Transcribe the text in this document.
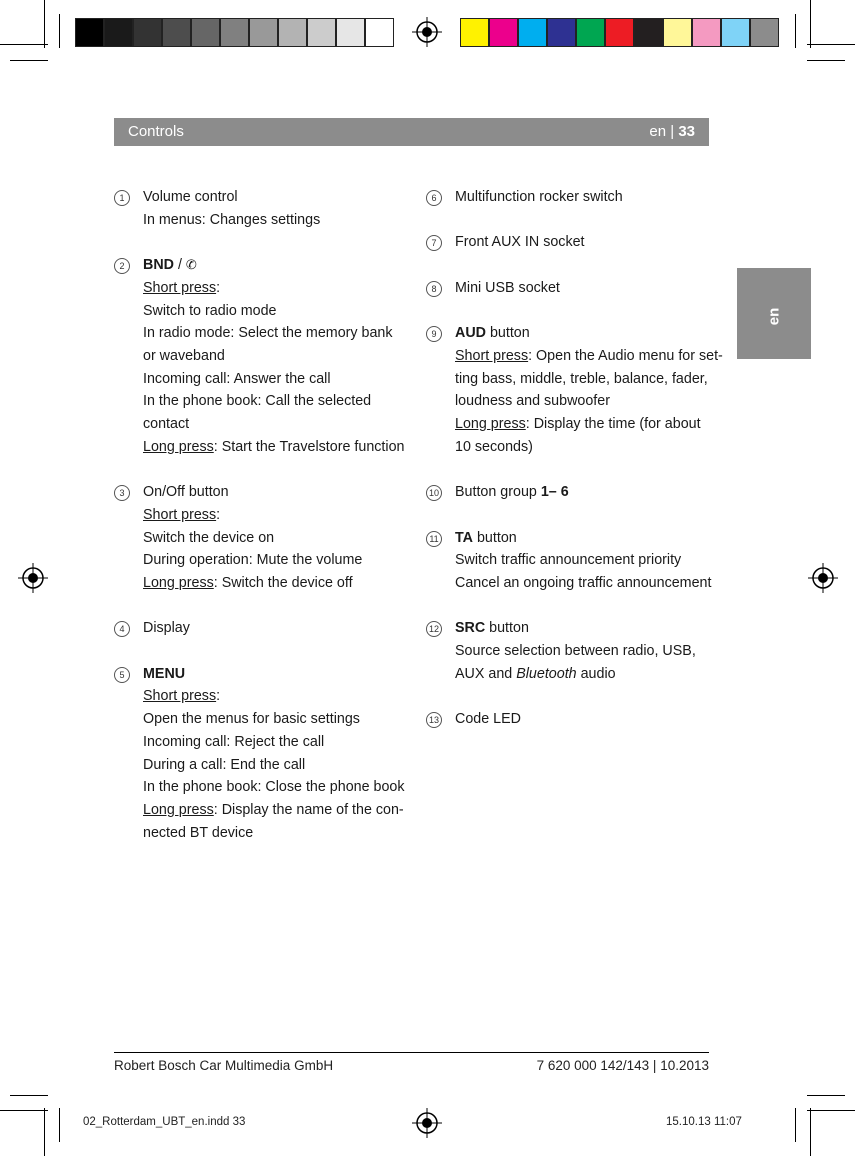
Controls	en | 33
en
1	Volume control
In menus: Changes settings
2	BND / ✆
Short press:
Switch to radio mode
In radio mode: Select the memory bank
or waveband
Incoming call: Answer the call
In the phone book: Call the selected
contact
Long press: Start the Travelstore function
3	On/Off button
Short press:
Switch the device on
During operation: Mute the volume
Long press: Switch the device off
4	Display
5	MENU
Short press:
Open the menus for basic settings
Incoming call: Reject the call
During a call: End the call
In the phone book: Close the phone book
Long press: Display the name of the con-
nected BT device
6	Multifunction rocker switch
7	Front AUX IN socket
8	Mini USB socket
9	AUD button
Short press: Open the Audio menu for set-
ting bass, middle, treble, balance, fader,
loudness and subwoofer
Long press: Display the time (for about
10 seconds)
10 Button group 1– 6
11 TA button
Switch traffic announcement priority
Cancel an ongoing traffic announcement
12 SRC button
Source selection between radio, USB,
AUX and Bluetooth audio
13 Code LED
Robert Bosch Car Multimedia GmbH	7 620 000 142/143 | 10.2013
02_Rotterdam_UBT_en.indd 33	15.10.13 11:07
